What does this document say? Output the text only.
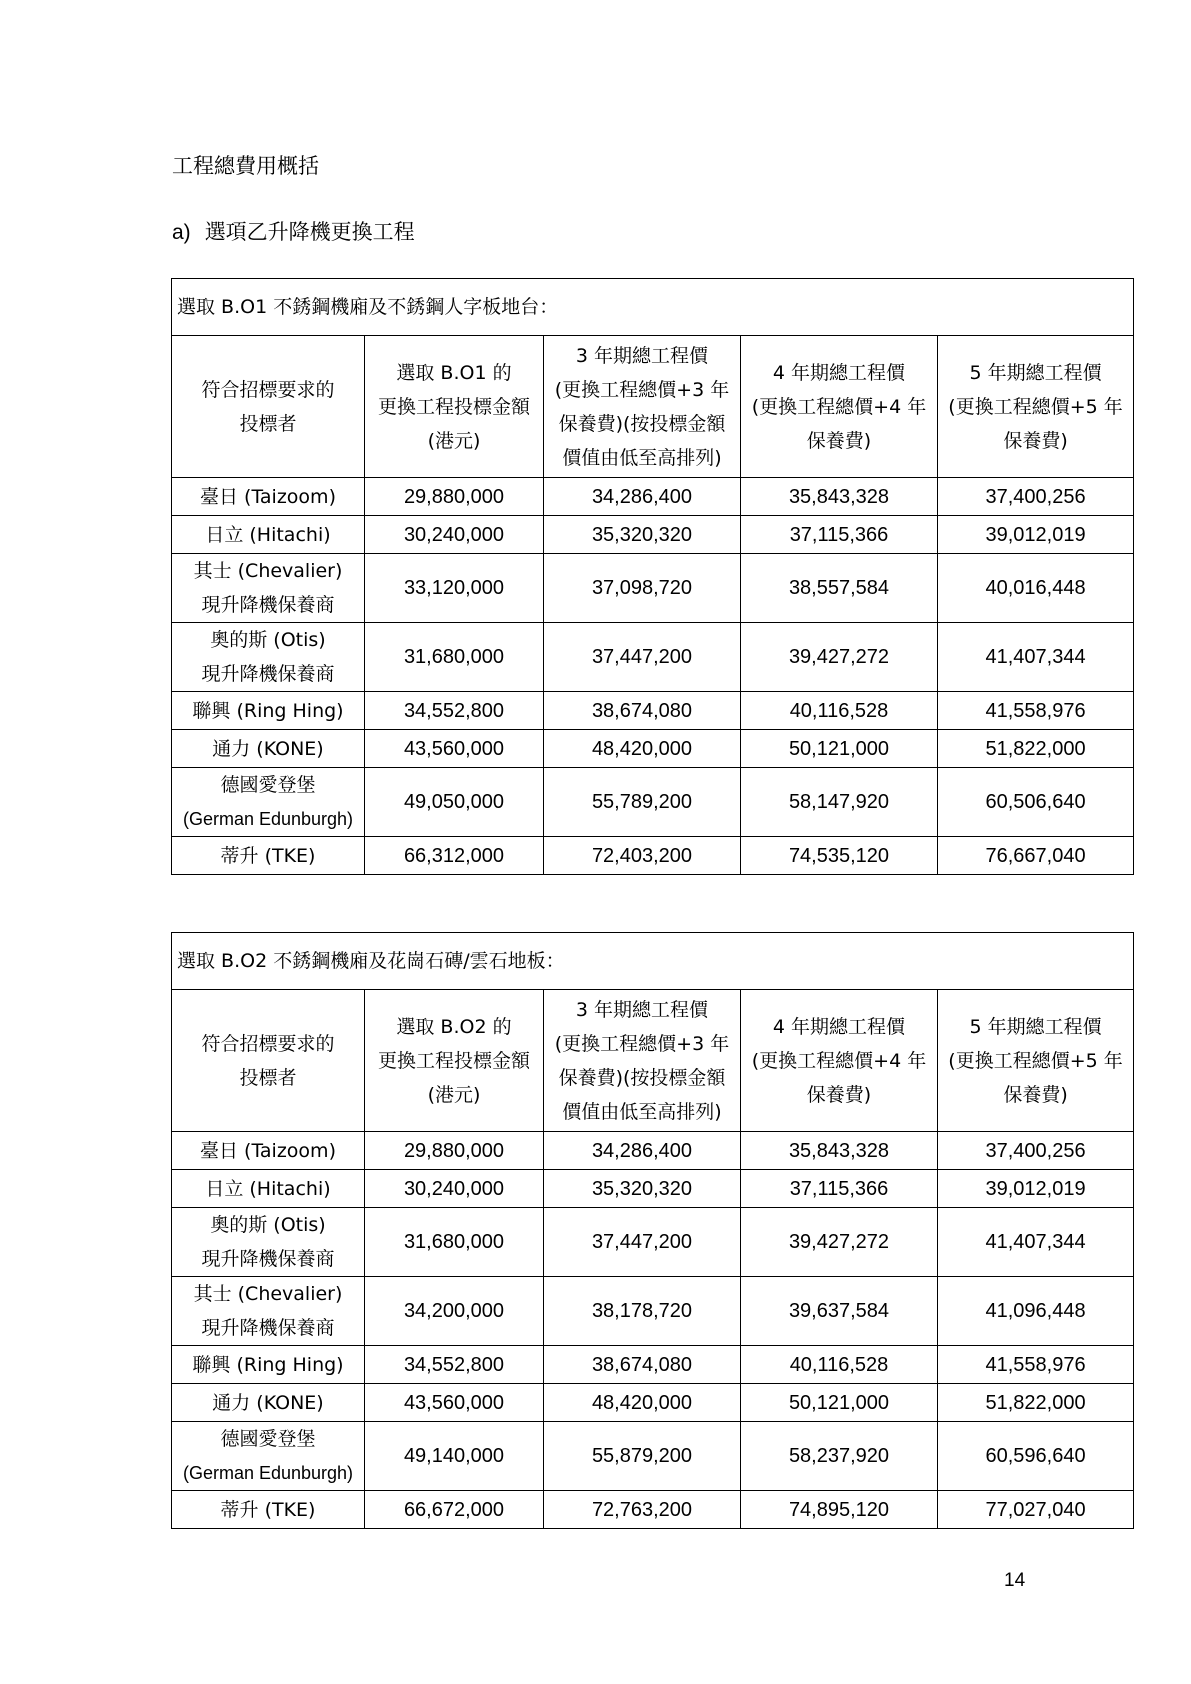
工程總費用概括
a) 選項乙升降機更換工程
選取 B.O1 不銹鋼機廂及不銹鋼人字板地台：				
符合招標要求的
投標者	選取 B.O1 的
更換工程投標金額
(港元)	3 年期總工程價
(更換工程總價+3 年
保養費)(按投標金額
價值由低至高排列)	4 年期總工程價
(更換工程總價+4 年
保養費)	5 年期總工程價
(更換工程總價+5 年
保養費)
臺日 (Taizoom)	29,880,000	34,286,400	35,843,328	37,400,256
日立 (Hitachi)	30,240,000	35,320,320	37,115,366	39,012,019
其士 (Chevalier)
現升降機保養商	33,120,000	37,098,720	38,557,584	40,016,448
奧的斯 (Otis)
現升降機保養商	31,680,000	37,447,200	39,427,272	41,407,344
聯興 (Ring Hing)	34,552,800	38,674,080	40,116,528	41,558,976
通力 (KONE)	43,560,000	48,420,000	50,121,000	51,822,000
德國愛登堡
(German Edunburgh)	49,050,000	55,789,200	58,147,920	60,506,640
蒂升 (TKE)	66,312,000	72,403,200	74,535,120	76,667,040
選取 B.O2 不銹鋼機廂及花崗石磚/雲石地板：				
符合招標要求的
投標者	選取 B.O2 的
更換工程投標金額
(港元)	3 年期總工程價
(更換工程總價+3 年
保養費)(按投標金額
價值由低至高排列)	4 年期總工程價
(更換工程總價+4 年
保養費)	5 年期總工程價
(更換工程總價+5 年
保養費)
臺日 (Taizoom)	29,880,000	34,286,400	35,843,328	37,400,256
日立 (Hitachi)	30,240,000	35,320,320	37,115,366	39,012,019
奧的斯 (Otis)
現升降機保養商	31,680,000	37,447,200	39,427,272	41,407,344
其士 (Chevalier)
現升降機保養商	34,200,000	38,178,720	39,637,584	41,096,448
聯興 (Ring Hing)	34,552,800	38,674,080	40,116,528	41,558,976
通力 (KONE)	43,560,000	48,420,000	50,121,000	51,822,000
德國愛登堡
(German Edunburgh)	49,140,000	55,879,200	58,237,920	60,596,640
蒂升 (TKE)	66,672,000	72,763,200	74,895,120	77,027,040
14
